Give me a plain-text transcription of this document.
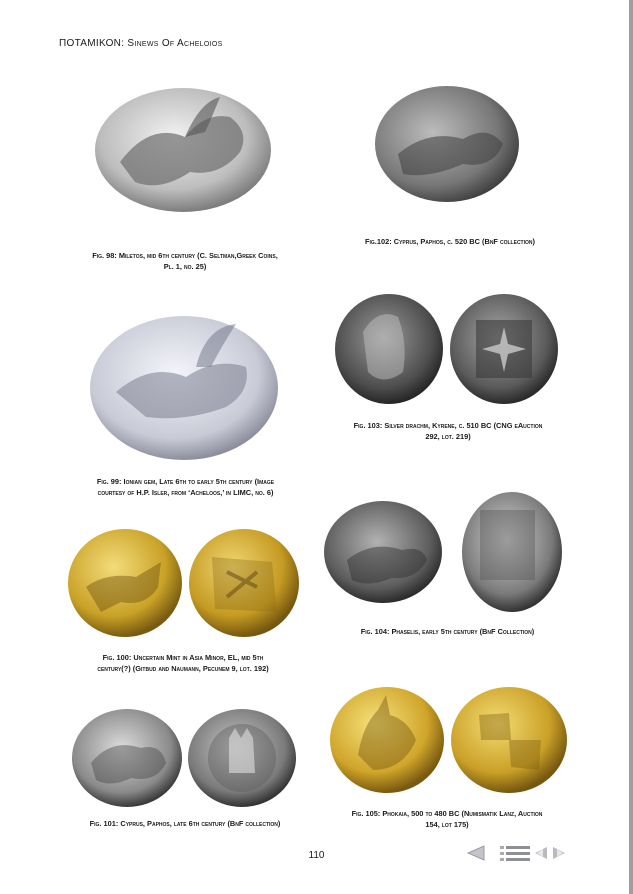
ΠΟΤΑΜΙΚΟΝ: Sinews Of Acheloios
Fig. 98: Miletos, mid 6th century (C. Seltman,Greek Coins,
Pl. 1, no. 25)
Fig.102: Cyprus, Paphos, c. 520 BC (BnF collection)
Fig. 99: Ionian gem, Late 6th to early 5th century (Image
courtesy of H.P. Isler, from ‘Acheloos,’ in LIMC, no. 6)
Fig. 103: Silver drachm, Kyrene, c. 510 BC (CNG eAuction
292, lot. 219)
Fig. 100: Uncertain Mint in Asia Minor, EL, mid 5th
century(?) (Gitbud and Naumann, Pecunem 9, lot. 192)
Fig. 104: Phaselis, early 5th century (BnF Collection)
Fig. 101: Cyprus, Paphos, late 6th century (BnF collection)
Fig. 105: Phokaia, 500 to 480 BC (Numismatik Lanz, Auction
154, lot 175)
110
